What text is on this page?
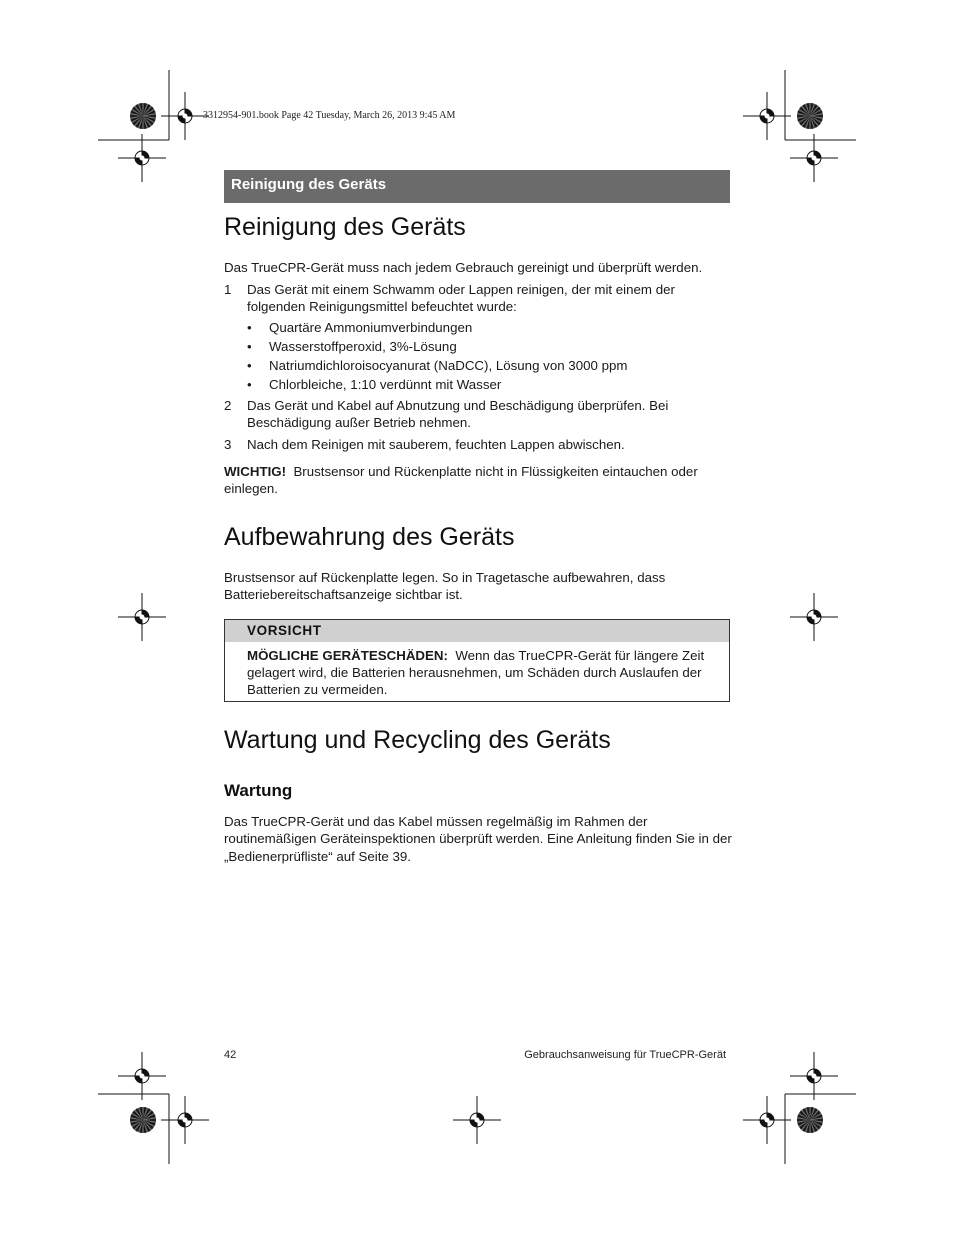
3312954-901.book Page 42 Tuesday, March 26, 2013 9:45 AM
Reinigung des Geräts
Reinigung des Geräts
Das TrueCPR-Gerät muss nach jedem Gebrauch gereinigt und überprüft werden.
1 Das Gerät mit einem Schwamm oder Lappen reinigen, der mit einem der folgenden Reinigungsmittel befeuchtet wurde:
• Quartäre Ammoniumverbindungen
• Wasserstoffperoxid, 3%-Lösung
• Natriumdichloroisocyanurat (NaDCC), Lösung von 3000 ppm
• Chlorbleiche, 1:10 verdünnt mit Wasser
2 Das Gerät und Kabel auf Abnutzung und Beschädigung überprüfen. Bei Beschädigung außer Betrieb nehmen.
3 Nach dem Reinigen mit sauberem, feuchten Lappen abwischen.
WICHTIG! Brustsensor und Rückenplatte nicht in Flüssigkeiten eintauchen oder einlegen.
Aufbewahrung des Geräts
Brustsensor auf Rückenplatte legen. So in Tragetasche aufbewahren, dass Batteriebereitschaftsanzeige sichtbar ist.
VORSICHT
MÖGLICHE GERÄTESCHÄDEN: Wenn das TrueCPR-Gerät für längere Zeit gelagert wird, die Batterien herausnehmen, um Schäden durch Auslaufen der Batterien zu vermeiden.
Wartung und Recycling des Geräts
Wartung
Das TrueCPR-Gerät und das Kabel müssen regelmäßig im Rahmen der routinemäßigen Geräteinspektionen überprüft werden. Eine Anleitung finden Sie in der „Bedienerprüfliste“ auf Seite 39.
42	Gebrauchsanweisung für TrueCPR-Gerät
